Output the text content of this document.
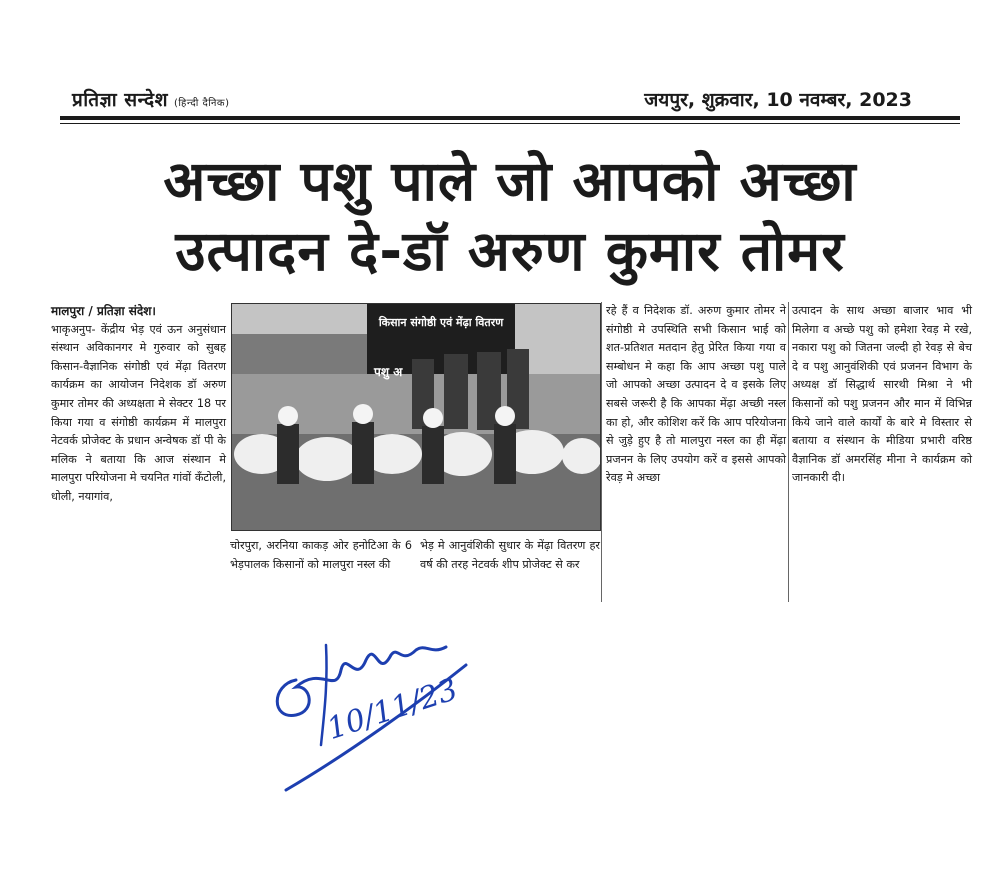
प्रतिज्ञा सन्देश (हिन्दी दैनिक)	जयपुर, शुक्रवार, 10 नवम्बर, 2023
अच्छा पशु पाले जो आपको अच्छा
उत्पादन दे-डॉ अरुण कुमार तोमर
मालपुरा / प्रतिज्ञा संदेश।
भाकृअनुप- केंद्रीय भेड़ एवं ऊन अनुसंधान संस्थान अविकानगर मे गुरुवार को सुबह किसान-वैज्ञानिक संगोष्ठी एवं मेंढ़ा वितरण कार्यक्रम का आयोजन निदेशक डॉ अरुण कुमार तोमर की अध्यक्षता मे सेक्टर 18 पर किया गया व संगोष्ठी कार्यक्रम में मालपुरा नेटवर्क प्रोजेक्ट के प्रधान अन्वेषक डॉ पी के मलिक ने बताया कि आज संस्थान मे मालपुरा परियोजना मे चयनित गांवों कँटोली, धोली, नयागांव,
किसान संगोष्ठी एवं मेंढ़ा वितरण
पशु अ
चोरपुरा, अरनिया काकड़ ओर हनोटिआ के 6 भेड़पालक किसानों को मालपुरा नस्ल की
भेड़ मे आनुवंशिकी सुधार के मेंढ़ा वितरण हर वर्ष की तरह नेटवर्क शीप प्रोजेक्ट से कर
रहे हैं व निदेशक डॉ. अरुण कुमार तोमर ने संगोष्ठी मे उपस्थिति सभी किसान भाई को शत-प्रतिशत मतदान हेतु प्रेरित किया गया व सम्बोधन मे कहा कि आप अच्छा पशु पाले जो आपको अच्छा उत्पादन दे व इसके लिए सबसे जरूरी है कि आपका मेंढ़ा अच्छी नस्ल का हो, और कोशिश करें कि आप परियोजना से जुड़े हुए है तो मालपुरा नस्ल का ही मेंढ़ा प्रजनन के लिए उपयोग करें व इससे आपको रेवड़ मे अच्छा
उत्पादन के साथ अच्छा बाजार भाव भी मिलेगा व अच्छे पशु को हमेशा रेवड़ मे रखे, नकारा पशु को जितना जल्दी हो रेवड़ से बेच दे व पशु आनुवंशिकी एवं प्रजनन विभाग के अध्यक्ष डॉ सिद्धार्थ सारथी मिश्रा ने भी किसानों को पशु प्रजनन और मान में विभिन्न किये जाने वाले कार्यों के बारे मे विस्तार से बताया व संस्थान के मीडिया प्रभारी वरिष्ठ वैज्ञानिक डॉ अमरसिंह मीना ने कार्यक्रम को जानकारी दी।
10/11/23
